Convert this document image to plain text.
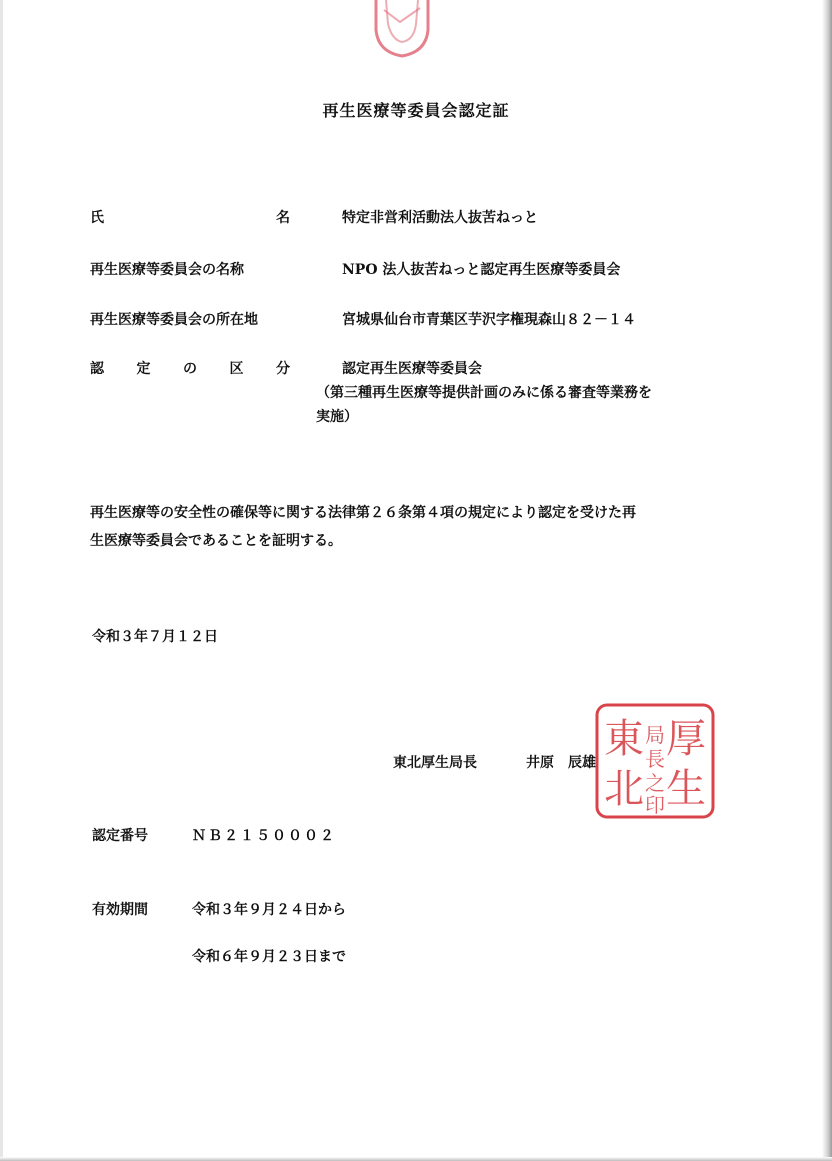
再生医療等委員会認定証
氏	名	特定非営利活動法人抜苦ねっと
再生医療等委員会の名称	NPO 法人抜苦ねっと認定再生医療等委員会
再生医療等委員会の所在地	宮城県仙台市青葉区芋沢字権現森山８２－１４
認 定 の 区 分	認定再生医療等委員会
（第三種再生医療等提供計画のみに係る審査等業務を
実施）
再生医療等の安全性の確保等に関する法律第２６条第４項の規定により認定を受けた再
生医療等委員会であることを証明する。
令和３年７月１２日
東北厚生局長	井原　辰雄
東
北
厚
生
局
長
之
印
認定番号	ＮＢ２１５０００２
有効期間	令和３年９月２４日から
令和６年９月２３日まで
